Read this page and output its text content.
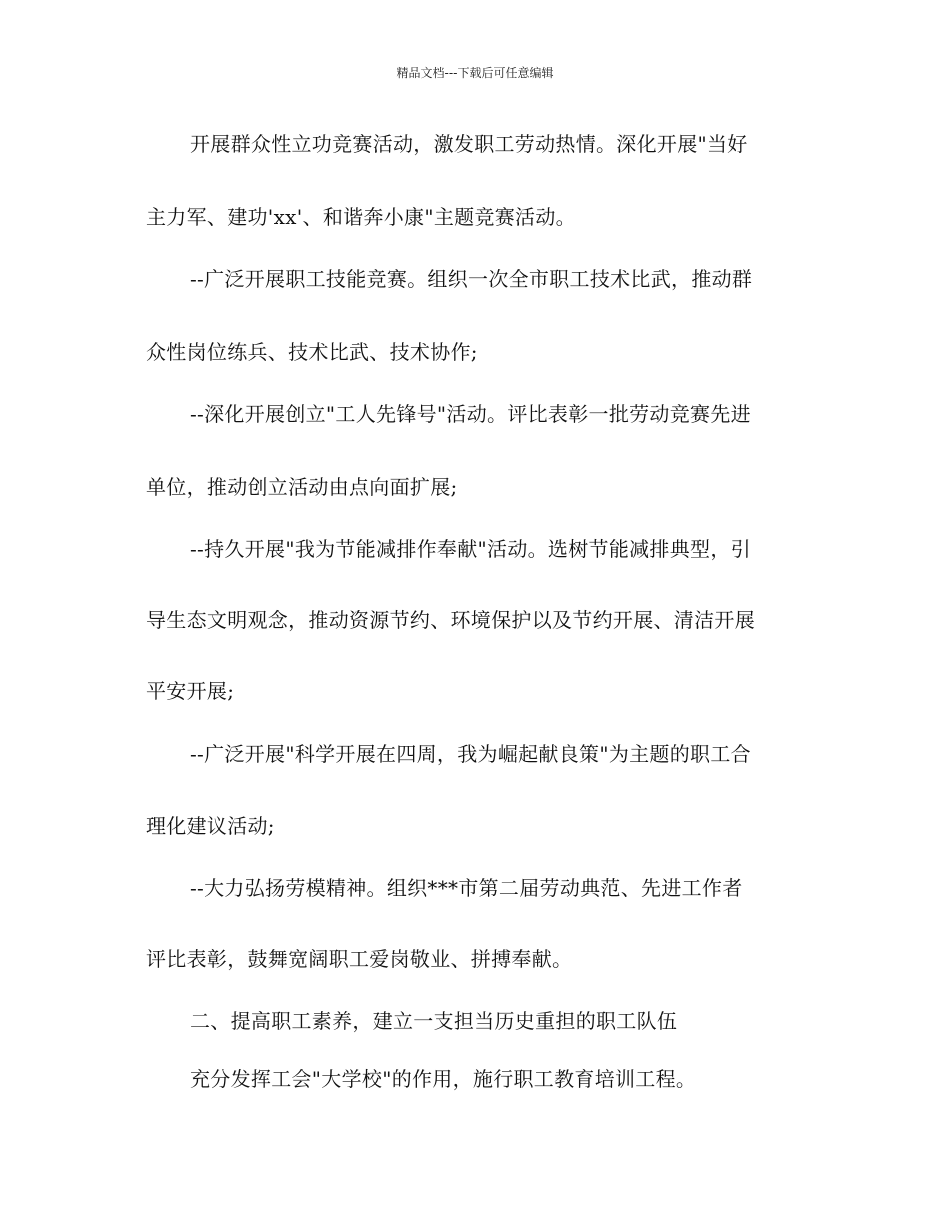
精品文档---下载后可任意编辑
开展群众性立功竞赛活动，激发职工劳动热情。深化开展"当好
主力军、建功'xx'、和谐奔小康"主题竞赛活动。
--广泛开展职工技能竞赛。组织一次全市职工技术比武，推动群
众性岗位练兵、技术比武、技术协作;
--深化开展创立"工人先锋号"活动。评比表彰一批劳动竞赛先进
单位，推动创立活动由点向面扩展;
--持久开展"我为节能减排作奉献"活动。选树节能减排典型，引
导生态文明观念，推动资源节约、环境保护以及节约开展、清洁开展
平安开展;
--广泛开展"科学开展在四周，我为崛起献良策"为主题的职工合
理化建议活动;
--大力弘扬劳模精神。组织***市第二届劳动典范、先进工作者
评比表彰，鼓舞宽阔职工爱岗敬业、拼搏奉献。
二、提高职工素养，建立一支担当历史重担的职工队伍
充分发挥工会"大学校"的作用，施行职工教育培训工程。
